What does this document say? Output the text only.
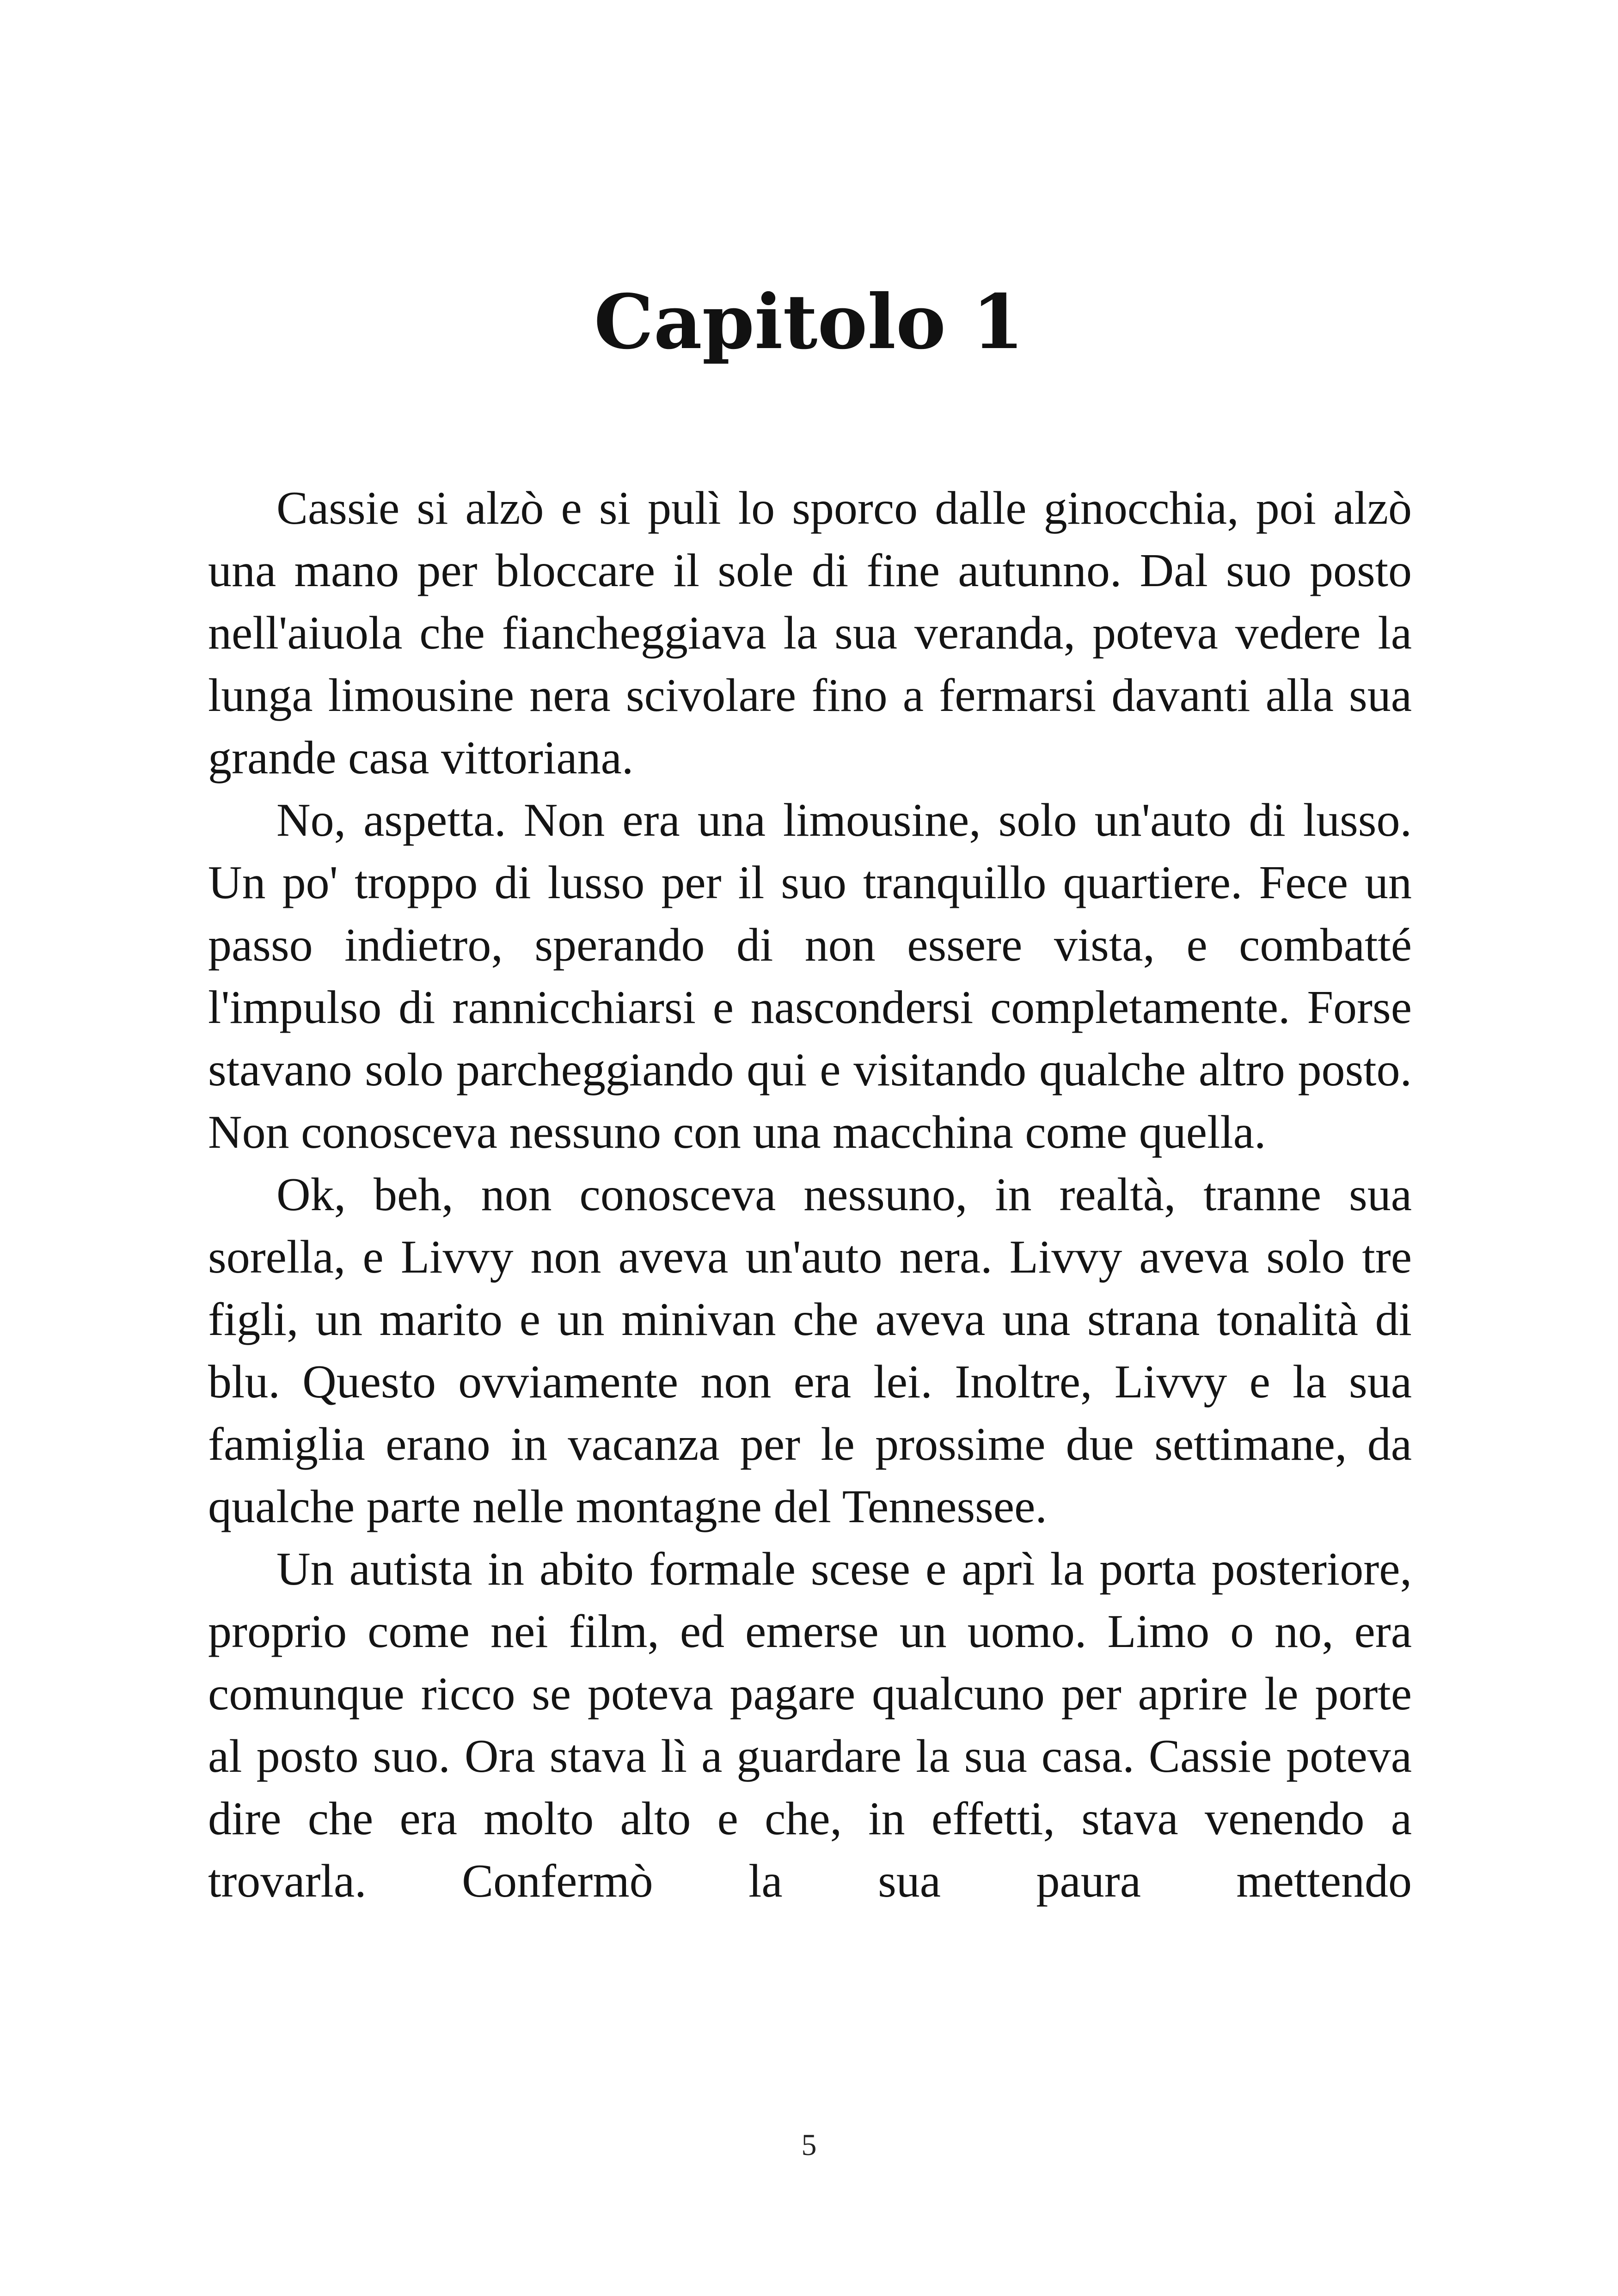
Capitolo 1

Cassie si alzò e si pulì lo sporco dalle ginocchia, poi alzò una mano per bloccare il sole di fine autunno. Dal suo posto nell'aiuola che fiancheggiava la sua veranda, poteva vedere la lunga limousine nera scivolare fino a fermarsi davanti alla sua grande casa vittoriana.

No, aspetta. Non era una limousine, solo un'auto di lusso. Un po' troppo di lusso per il suo tranquillo quartiere. Fece un passo indietro, sperando di non essere vista, e combatté l'impulso di rannicchiarsi e nascondersi completamente. Forse stavano solo parcheggiando qui e visitando qualche altro posto. Non conosceva nessuno con una macchina come quella.

Ok, beh, non conosceva nessuno, in realtà, tranne sua sorella, e Livvy non aveva un'auto nera. Livvy aveva solo tre figli, un marito e un minivan che aveva una strana tonalità di blu. Questo ovviamente non era lei. Inoltre, Livvy e la sua famiglia erano in vacanza per le prossime due settimane, da qualche parte nelle montagne del Tennessee.

Un autista in abito formale scese e aprì la porta posteriore, proprio come nei film, ed emerse un uomo. Limo o no, era comunque ricco se poteva pagare qualcuno per aprire le porte al posto suo. Ora stava lì a guardare la sua casa. Cassie poteva dire che era molto alto e che, in effetti, stava venendo a trovarla. Confermò la sua paura mettendo

5
